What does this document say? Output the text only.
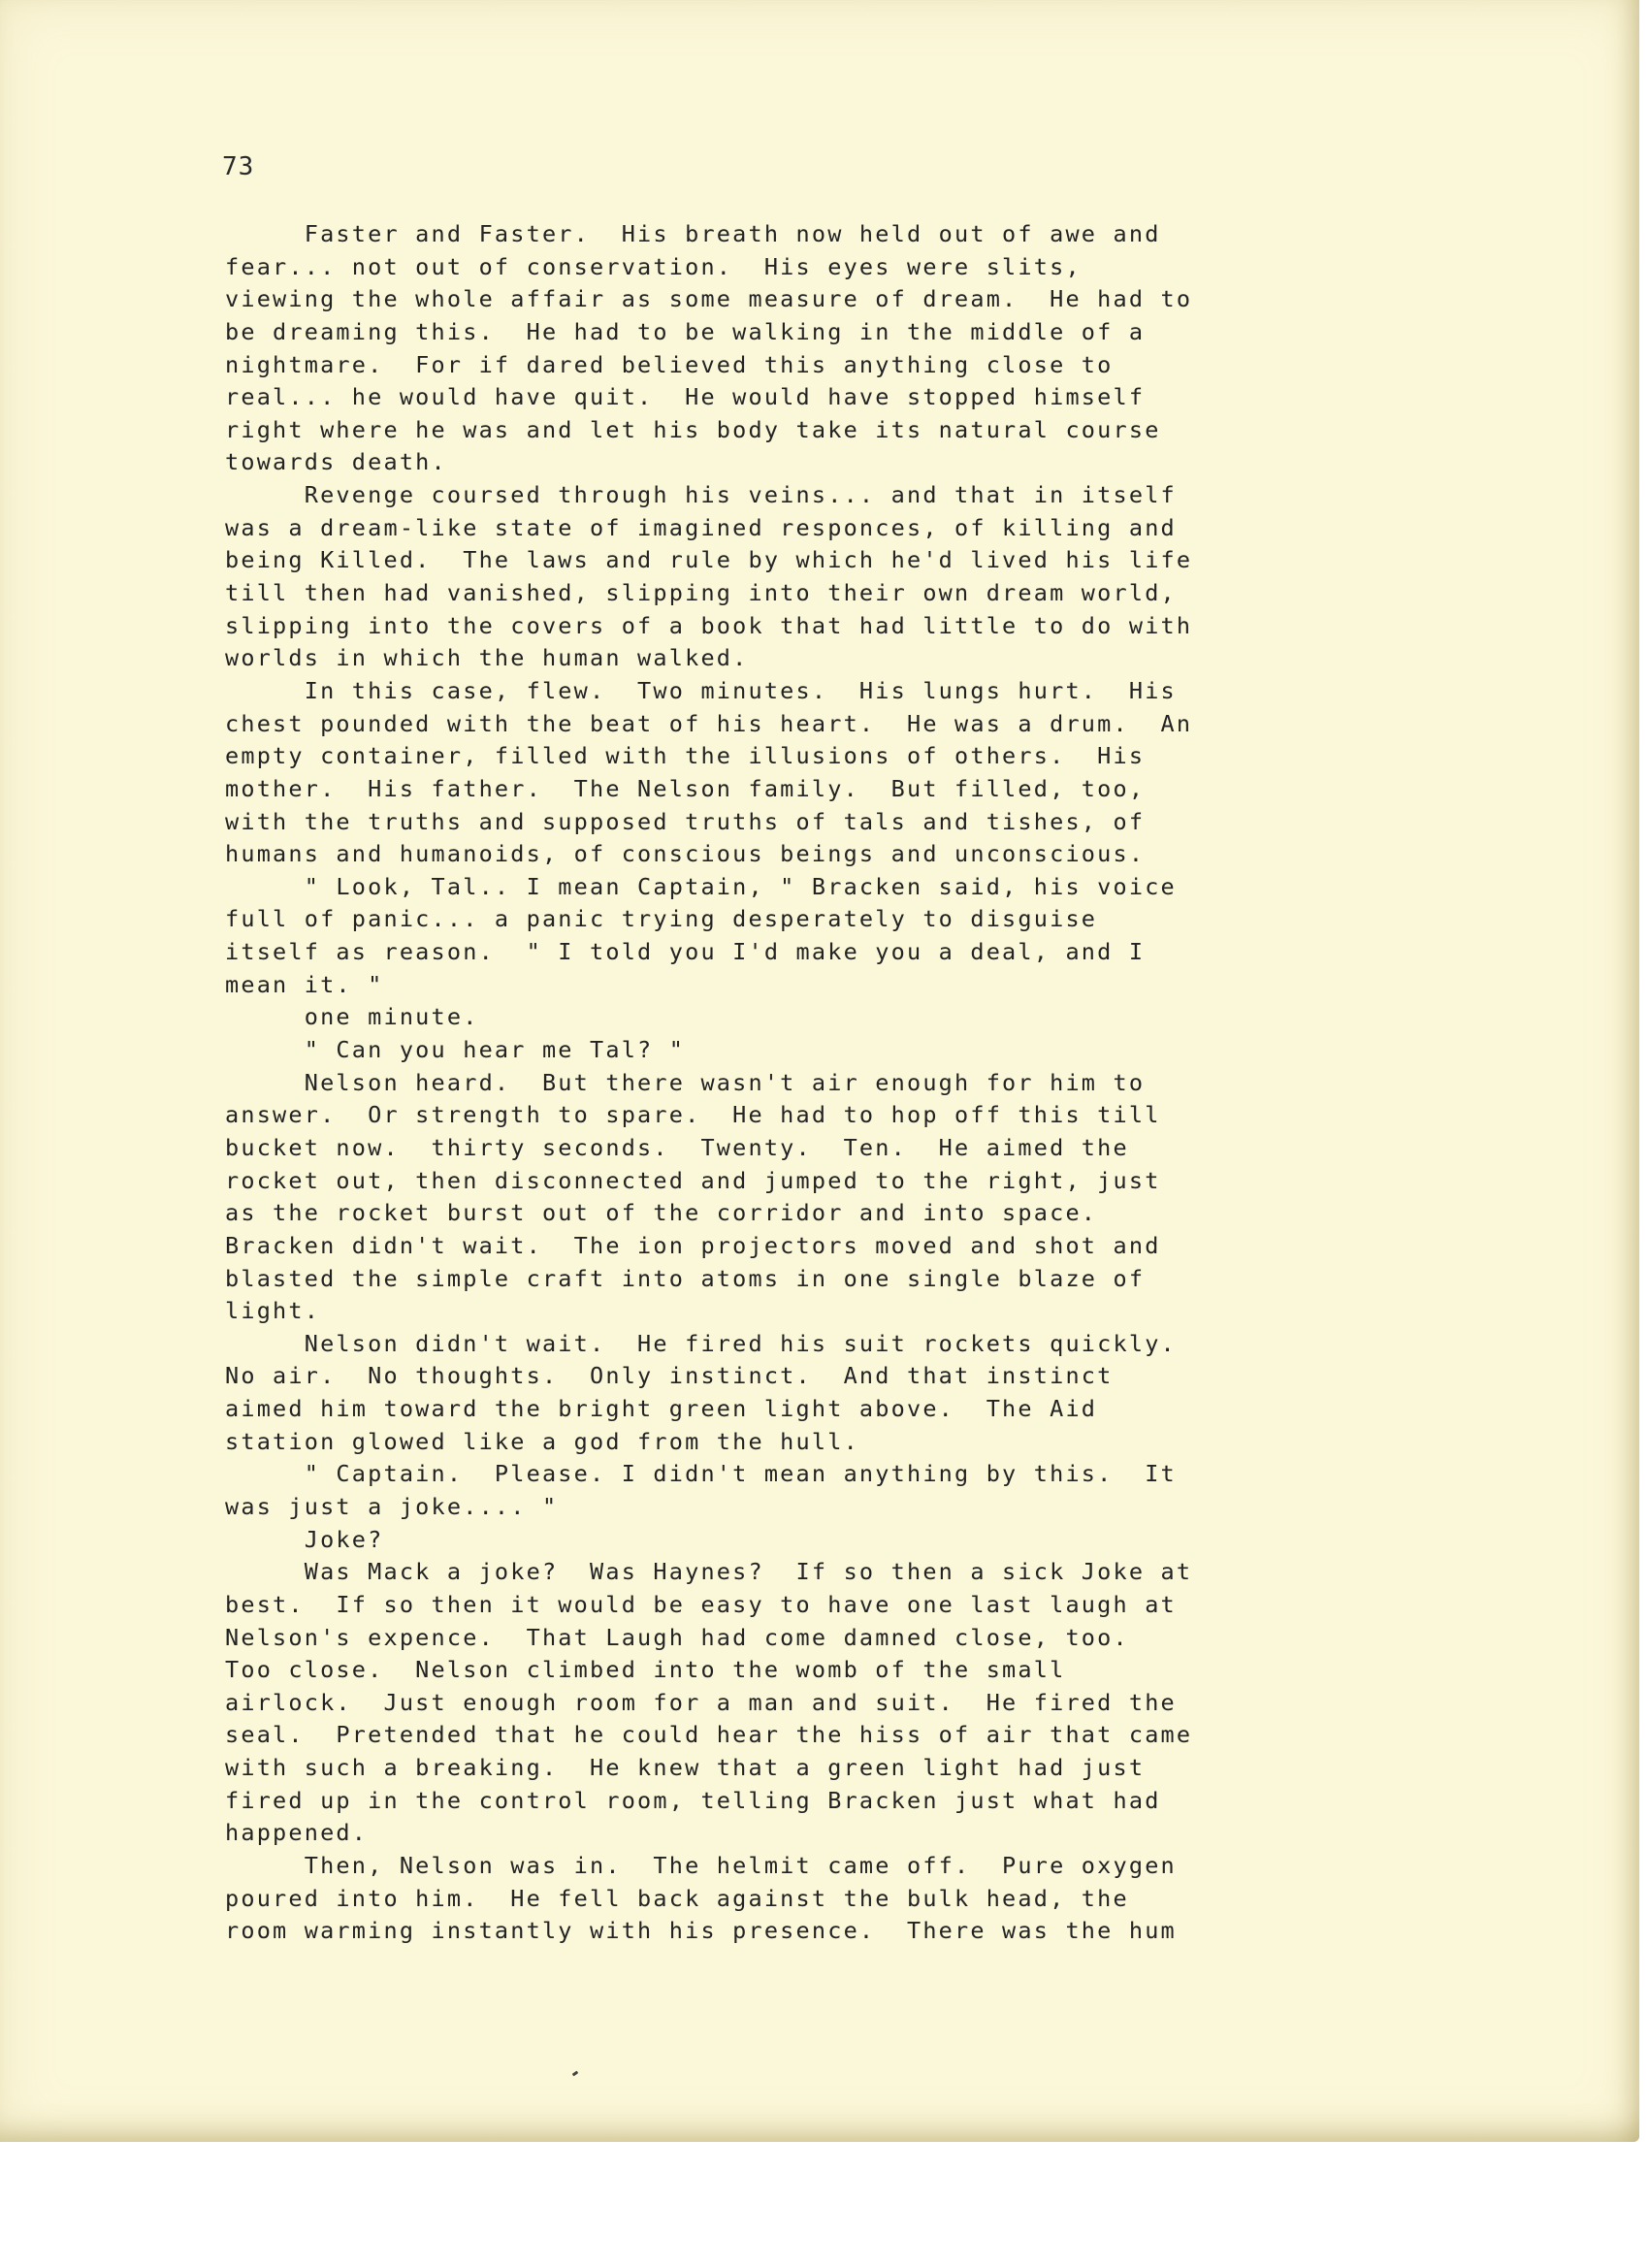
73
Faster and Faster.  His breath now held out of awe and
fear... not out of conservation.  His eyes were slits,
viewing the whole affair as some measure of dream.  He had to
be dreaming this.  He had to be walking in the middle of a
nightmare.  For if dared believed this anything close to
real... he would have quit.  He would have stopped himself
right where he was and let his body take its natural course
towards death.
Revenge coursed through his veins... and that in itself
was a dream-like state of imagined responces, of killing and
being Killed.  The laws and rule by which he'd lived his life
till then had vanished, slipping into their own dream world,
slipping into the covers of a book that had little to do with
worlds in which the human walked.
In this case, flew.  Two minutes.  His lungs hurt.  His
chest pounded with the beat of his heart.  He was a drum.  An
empty container, filled with the illusions of others.  His
mother.  His father.  The Nelson family.  But filled, too,
with the truths and supposed truths of tals and tishes, of
humans and humanoids, of conscious beings and unconscious.
" Look, Tal.. I mean Captain, " Bracken said, his voice
full of panic... a panic trying desperately to disguise
itself as reason.  " I told you I'd make you a deal, and I
mean it. "
one minute.
" Can you hear me Tal? "
Nelson heard.  But there wasn't air enough for him to
answer.  Or strength to spare.  He had to hop off this till
bucket now.  thirty seconds.  Twenty.  Ten.  He aimed the
rocket out, then disconnected and jumped to the right, just
as the rocket burst out of the corridor and into space.
Bracken didn't wait.  The ion projectors moved and shot and
blasted the simple craft into atoms in one single blaze of
light.
Nelson didn't wait.  He fired his suit rockets quickly.
No air.  No thoughts.  Only instinct.  And that instinct
aimed him toward the bright green light above.  The Aid
station glowed like a god from the hull.
" Captain.  Please. I didn't mean anything by this.  It
was just a joke.... "
Joke?
Was Mack a joke?  Was Haynes?  If so then a sick Joke at
best.  If so then it would be easy to have one last laugh at
Nelson's expence.  That Laugh had come damned close, too.
Too close.  Nelson climbed into the womb of the small
airlock.  Just enough room for a man and suit.  He fired the
seal.  Pretended that he could hear the hiss of air that came
with such a breaking.  He knew that a green light had just
fired up in the control room, telling Bracken just what had
happened.
Then, Nelson was in.  The helmit came off.  Pure oxygen
poured into him.  He fell back against the bulk head, the
room warming instantly with his presence.  There was the hum
